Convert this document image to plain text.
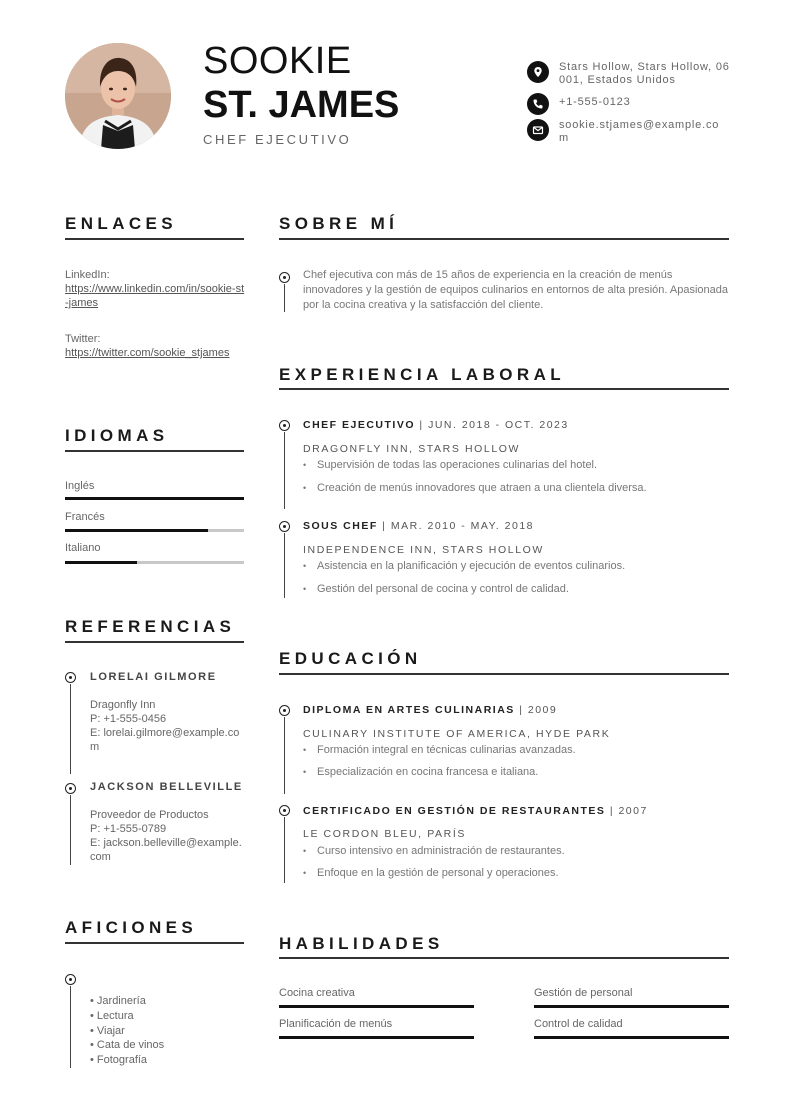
SOOKIE
ST. JAMES
CHEF EJECUTIVO
Stars Hollow, Stars Hollow, 06001, Estados Unidos
+1-555-0123
sookie.stjames@example.com
ENLACES
LinkedIn:
https://www.linkedin.com/in/sookie-st-james
Twitter:
https://twitter.com/sookie_stjames
IDIOMAS
Inglés
Francés
Italiano
REFERENCIAS
LORELAI GILMORE
Dragonfly Inn
P: +1-555-0456
E: lorelai.gilmore@example.com
JACKSON BELLEVILLE
Proveedor de Productos
P: +1-555-0789
E: jackson.belleville@example.com
AFICIONES
• Jardinería
• Lectura
• Viajar
• Cata de vinos
• Fotografía
SOBRE MÍ
Chef ejecutiva con más de 15 años de experiencia en la creación de menús innovadores y la gestión de equipos culinarios en entornos de alta presión. Apasionada por la cocina creativa y la satisfacción del cliente.
EXPERIENCIA LABORAL
CHEF EJECUTIVO | JUN. 2018 - OCT. 2023
DRAGONFLY INN, STARS HOLLOW
• Supervisión de todas las operaciones culinarias del hotel.
• Creación de menús innovadores que atraen a una clientela diversa.
SOUS CHEF | MAR. 2010 - MAY. 2018
INDEPENDENCE INN, STARS HOLLOW
• Asistencia en la planificación y ejecución de eventos culinarios.
• Gestión del personal de cocina y control de calidad.
EDUCACIÓN
DIPLOMA EN ARTES CULINARIAS | 2009
CULINARY INSTITUTE OF AMERICA, HYDE PARK
• Formación integral en técnicas culinarias avanzadas.
• Especialización en cocina francesa e italiana.
CERTIFICADO EN GESTIÓN DE RESTAURANTES | 2007
LE CORDON BLEU, PARÍS
• Curso intensivo en administración de restaurantes.
• Enfoque en la gestión de personal y operaciones.
HABILIDADES
Cocina creativa	Gestión de personal
Planificación de menús	Control de calidad
